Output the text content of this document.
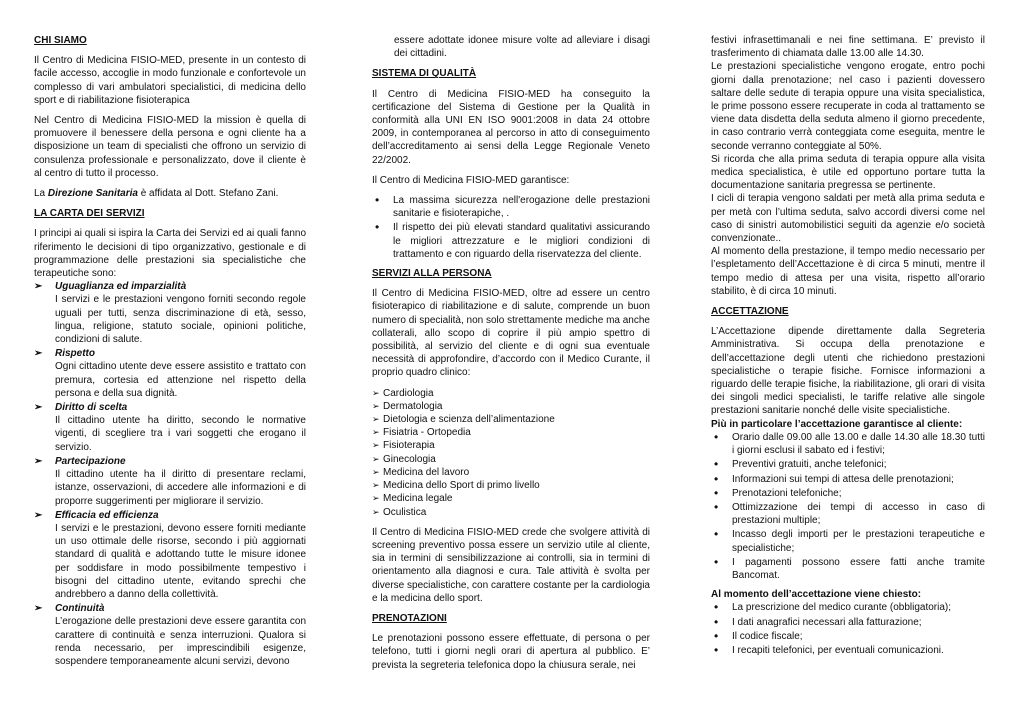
CHI SIAMO

Il Centro di Medicina FISIO-MED, presente in un contesto di facile accesso, accoglie in modo funzionale e confortevole un complesso di vari ambulatori specialistici, di medicina dello sport e di riabilitazione fisioterapica

Nel Centro di Medicina FISIO-MED la mission è quella di promuovere il benessere della persona e ogni cliente ha a disposizione un team di specialisti che offrono un servizio di consulenza professionale e personalizzato, dove il cliente è al centro di tutto il processo.

La Direzione Sanitaria è affidata al Dott. Stefano Zani.

LA CARTA DEI SERVIZI

I principi ai quali si ispira la Carta dei Servizi ed ai quali fanno riferimento le decisioni di tipo organizzativo, gestionale e di programmazione delle prestazioni sia specialistiche che terapeutiche sono:

➢ Uguaglianza ed imparzialità
I servizi e le prestazioni vengono forniti secondo regole uguali per tutti, senza discriminazione di età, sesso, lingua, religione, statuto sociale, opinioni politiche, condizioni di salute.
➢ Rispetto
Ogni cittadino utente deve essere assistito e trattato con premura, cortesia ed attenzione nel rispetto della persona e della sua dignità.
➢ Diritto di scelta
Il cittadino utente ha diritto, secondo le normative vigenti, di scegliere tra i vari soggetti che erogano il servizio.
➢ Partecipazione
Il cittadino utente ha il diritto di presentare reclami, istanze, osservazioni, di accedere alle informazioni e di proporre suggerimenti per migliorare il servizio.
➢ Efficacia ed efficienza
I servizi e le prestazioni, devono essere forniti mediante un uso ottimale delle risorse, secondo i più aggiornati standard di qualità e adottando tutte le misure idonee per soddisfare in modo possibilmente tempestivo i bisogni del cittadino utente, evitando sprechi che andrebbero a danno della collettività.
➢ Continuità
L’erogazione delle prestazioni deve essere garantita con carattere di continuità e senza interruzioni. Qualora si renda necessario, per imprescindibili esigenze, sospendere temporaneamente alcuni servizi, devono

essere adottate idonee misure volte ad alleviare i disagi dei cittadini.

SISTEMA DI QUALITÀ

Il Centro di Medicina FISIO-MED ha conseguito la certificazione del Sistema di Gestione per la Qualità in conformità alla UNI EN ISO 9001:2008 in data 24 ottobre 2009, in contemporanea al percorso in atto di conseguimento dell’accreditamento ai sensi della Legge Regionale Veneto 22/2002.

Il Centro di Medicina FISIO-MED garantisce:

• La massima sicurezza nell'erogazione delle prestazioni sanitarie e fisioterapiche, .
• Il rispetto dei più elevati standard qualitativi assicurando le migliori attrezzature e le migliori condizioni di trattamento e con riguardo della riservatezza del cliente.
SERVIZI ALLA PERSONA

Il Centro di Medicina FISIO-MED, oltre ad essere un centro fisioterapico di riabilitazione e di salute, comprende un buon numero di specialità, non solo strettamente mediche ma anche collaterali, allo scopo di coprire il più ampio spettro di possibilità, al servizio del cliente e di ogni sua eventuale necessità di approfondire, d’accordo con il Medico Curante, il proprio quadro clinico:

➢ Cardiologia
➢ Dermatologia
➢ Dietologia e scienza dell’alimentazione
➢ Fisiatria - Ortopedia
➢ Fisioterapia
➢ Ginecologia
➢ Medicina del lavoro
➢ Medicina dello Sport di primo livello
➢ Medicina legale
➢ Oculistica

Il Centro di Medicina FISIO-MED crede che svolgere attività di screening preventivo possa essere un servizio utile al cliente, sia in termini di sensibilizzazione ai controlli, sia in termini di orientamento alla diagnosi e cura. Tale attività è svolta per diverse specialistiche, con carattere costante per la cardiologia e la medicina dello sport.

PRENOTAZIONI

Le prenotazioni possono essere effettuate, di persona o per telefono, tutti i giorni negli orari di apertura al pubblico. E’ prevista la segreteria telefonica dopo la chiusura serale, nei

festivi infrasettimanali e nei fine settimana. E’ previsto il trasferimento di chiamata dalle 13.00 alle 14.30.

Le prestazioni specialistiche vengono erogate, entro pochi giorni dalla prenotazione; nel caso i pazienti dovessero saltare delle sedute di terapia oppure una visita specialistica, le prime possono essere recuperate in coda al trattamento se viene data disdetta della seduta almeno il giorno precedente, in caso contrario verrà conteggiata come eseguita, mentre le seconde verranno conteggiate al 50%.

Si ricorda che alla prima seduta di terapia oppure alla visita medica specialistica, è utile ed opportuno portare tutta la documentazione sanitaria pregressa se pertinente.

I cicli di terapia vengono saldati per metà alla prima seduta e per metà con l’ultima seduta, salvo accordi diversi come nel caso di sinistri automobilistici seguiti da agenzie e/o società convenzionate..

Al momento della prestazione, il tempo medio necessario per l’espletamento dell’Accettazione è di circa 5 minuti, mentre il tempo medio di attesa per una visita, rispetto all’orario stabilito, è di circa 10 minuti.

ACCETTAZIONE

L’Accettazione dipende direttamente dalla Segreteria Amministrativa. Si occupa della prenotazione e dell’accettazione degli utenti che richiedono prestazioni specialistiche o terapie fisiche. Fornisce informazioni a riguardo delle terapie fisiche, la riabilitazione, gli orari di visita dei singoli medici specialisti, le tariffe relative alle singole prestazioni sanitarie nonché delle visite specialistiche.

Più in particolare l’accettazione garantisce al cliente:
• Orario dalle 09.00 alle 13.00 e dalle 14.30 alle 18.30 tutti i giorni esclusi il sabato ed i festivi;
• Preventivi gratuiti, anche telefonici;
• Informazioni sui tempi di attesa delle prenotazioni;
• Prenotazioni telefoniche;
• Ottimizzazione dei tempi di accesso in caso di prestazioni multiple;
• Incasso degli importi per le prestazioni terapeutiche e specialistiche;
• I pagamenti possono essere fatti anche tramite Bancomat.
Al momento dell’accettazione viene chiesto:
• La prescrizione del medico curante (obbligatoria);
• I dati anagrafici necessari alla fatturazione;
• Il codice fiscale;
• I recapiti telefonici, per eventuali comunicazioni.
